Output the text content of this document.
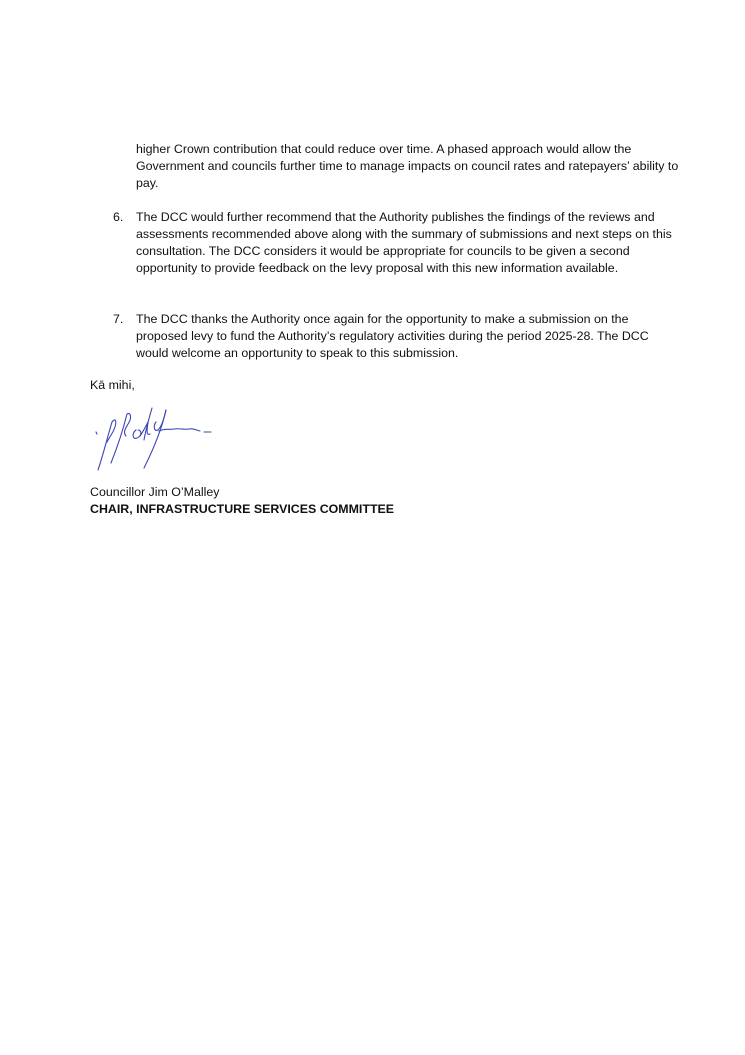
higher Crown contribution that could reduce over time. A phased approach would allow the Government and councils further time to manage impacts on council rates and ratepayers’ ability to pay.
6.	The DCC would further recommend that the Authority publishes the findings of the reviews and assessments recommended above along with the summary of submissions and next steps on this consultation. The DCC considers it would be appropriate for councils to be given a second opportunity to provide feedback on the levy proposal with this new information available.
7.	The DCC thanks the Authority once again for the opportunity to make a submission on the proposed levy to fund the Authority’s regulatory activities during the period 2025-28. The DCC would welcome an opportunity to speak to this submission.
Kā mihi,
Councillor Jim O’Malley
CHAIR, INFRASTRUCTURE SERVICES COMMITTEE
